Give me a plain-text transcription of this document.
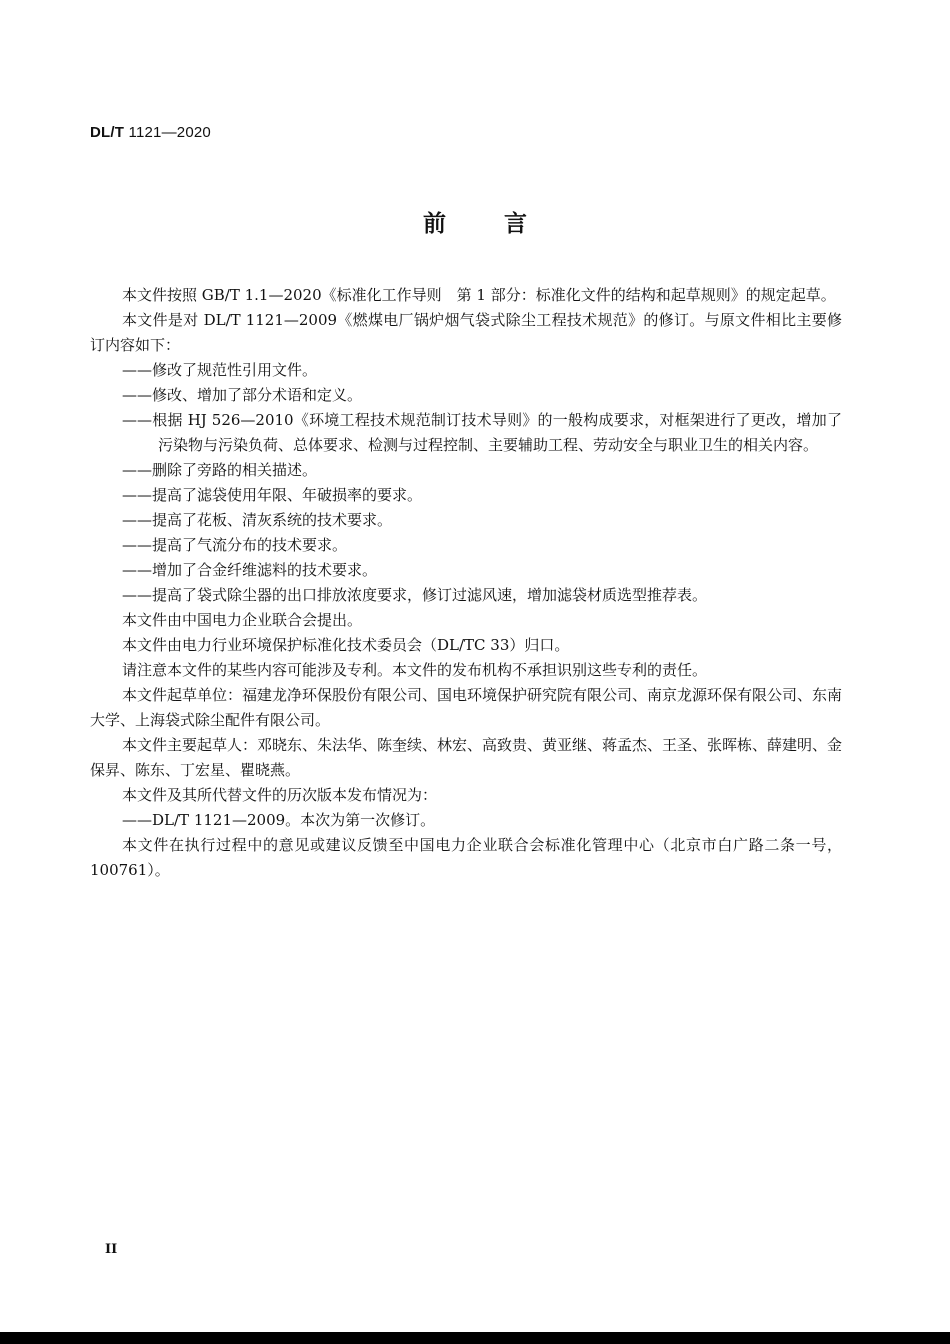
DL/T 1121—2020
前 言

本文件按照 GB/T 1.1—2020《标准化工作导则　第 1 部分：标准化文件的结构和起草规则》的规定起草。

本文件是对 DL/T 1121—2009《燃煤电厂锅炉烟气袋式除尘工程技术规范》的修订。与原文件相比主要修订内容如下：

——修改了规范性引用文件。

——修改、增加了部分术语和定义。

——根据 HJ 526—2010《环境工程技术规范制订技术导则》的一般构成要求，对框架进行了更改，增加了污染物与污染负荷、总体要求、检测与过程控制、主要辅助工程、劳动安全与职业卫生的相关内容。

——删除了旁路的相关描述。

——提高了滤袋使用年限、年破损率的要求。

——提高了花板、清灰系统的技术要求。

——提高了气流分布的技术要求。

——增加了合金纤维滤料的技术要求。

——提高了袋式除尘器的出口排放浓度要求，修订过滤风速，增加滤袋材质选型推荐表。

本文件由中国电力企业联合会提出。

本文件由电力行业环境保护标准化技术委员会（DL/TC 33）归口。

请注意本文件的某些内容可能涉及专利。本文件的发布机构不承担识别这些专利的责任。

本文件起草单位：福建龙净环保股份有限公司、国电环境保护研究院有限公司、南京龙源环保有限公司、东南大学、上海袋式除尘配件有限公司。

本文件主要起草人：邓晓东、朱法华、陈奎续、林宏、高致贵、黄亚继、蒋孟杰、王圣、张晖栋、薛建明、金保昇、陈东、丁宏星、瞿晓燕。

本文件及其所代替文件的历次版本发布情况为：

——DL/T 1121—2009。本次为第一次修订。

本文件在执行过程中的意见或建议反馈至中国电力企业联合会标准化管理中心（北京市白广路二条一号，100761）。

II
